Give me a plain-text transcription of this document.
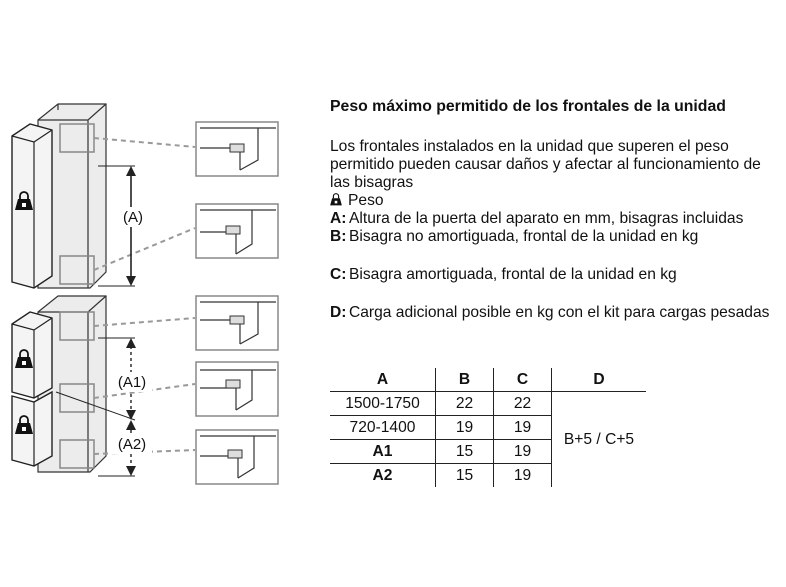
(A)
(A1)
(A2)

Peso máximo permitido de los frontales de la unidad

Los frontales instalados en la unidad que superen el peso permitido pueden causar daños y afectar al funcionamiento de las bisagras

Peso

A: Altura de la puerta del aparato en mm, bisagras incluidas
B: Bisagra no amortiguada, frontal de la unidad en kg
C: Bisagra amortiguada, frontal de la unidad en kg
D: Carga adicional posible en kg con el kit para cargas pesadas
A	B	C	D
1500-1750	22	22	B+5 / C+5
720-1400	19	19	
A1	15	19	
A2	15	19	
